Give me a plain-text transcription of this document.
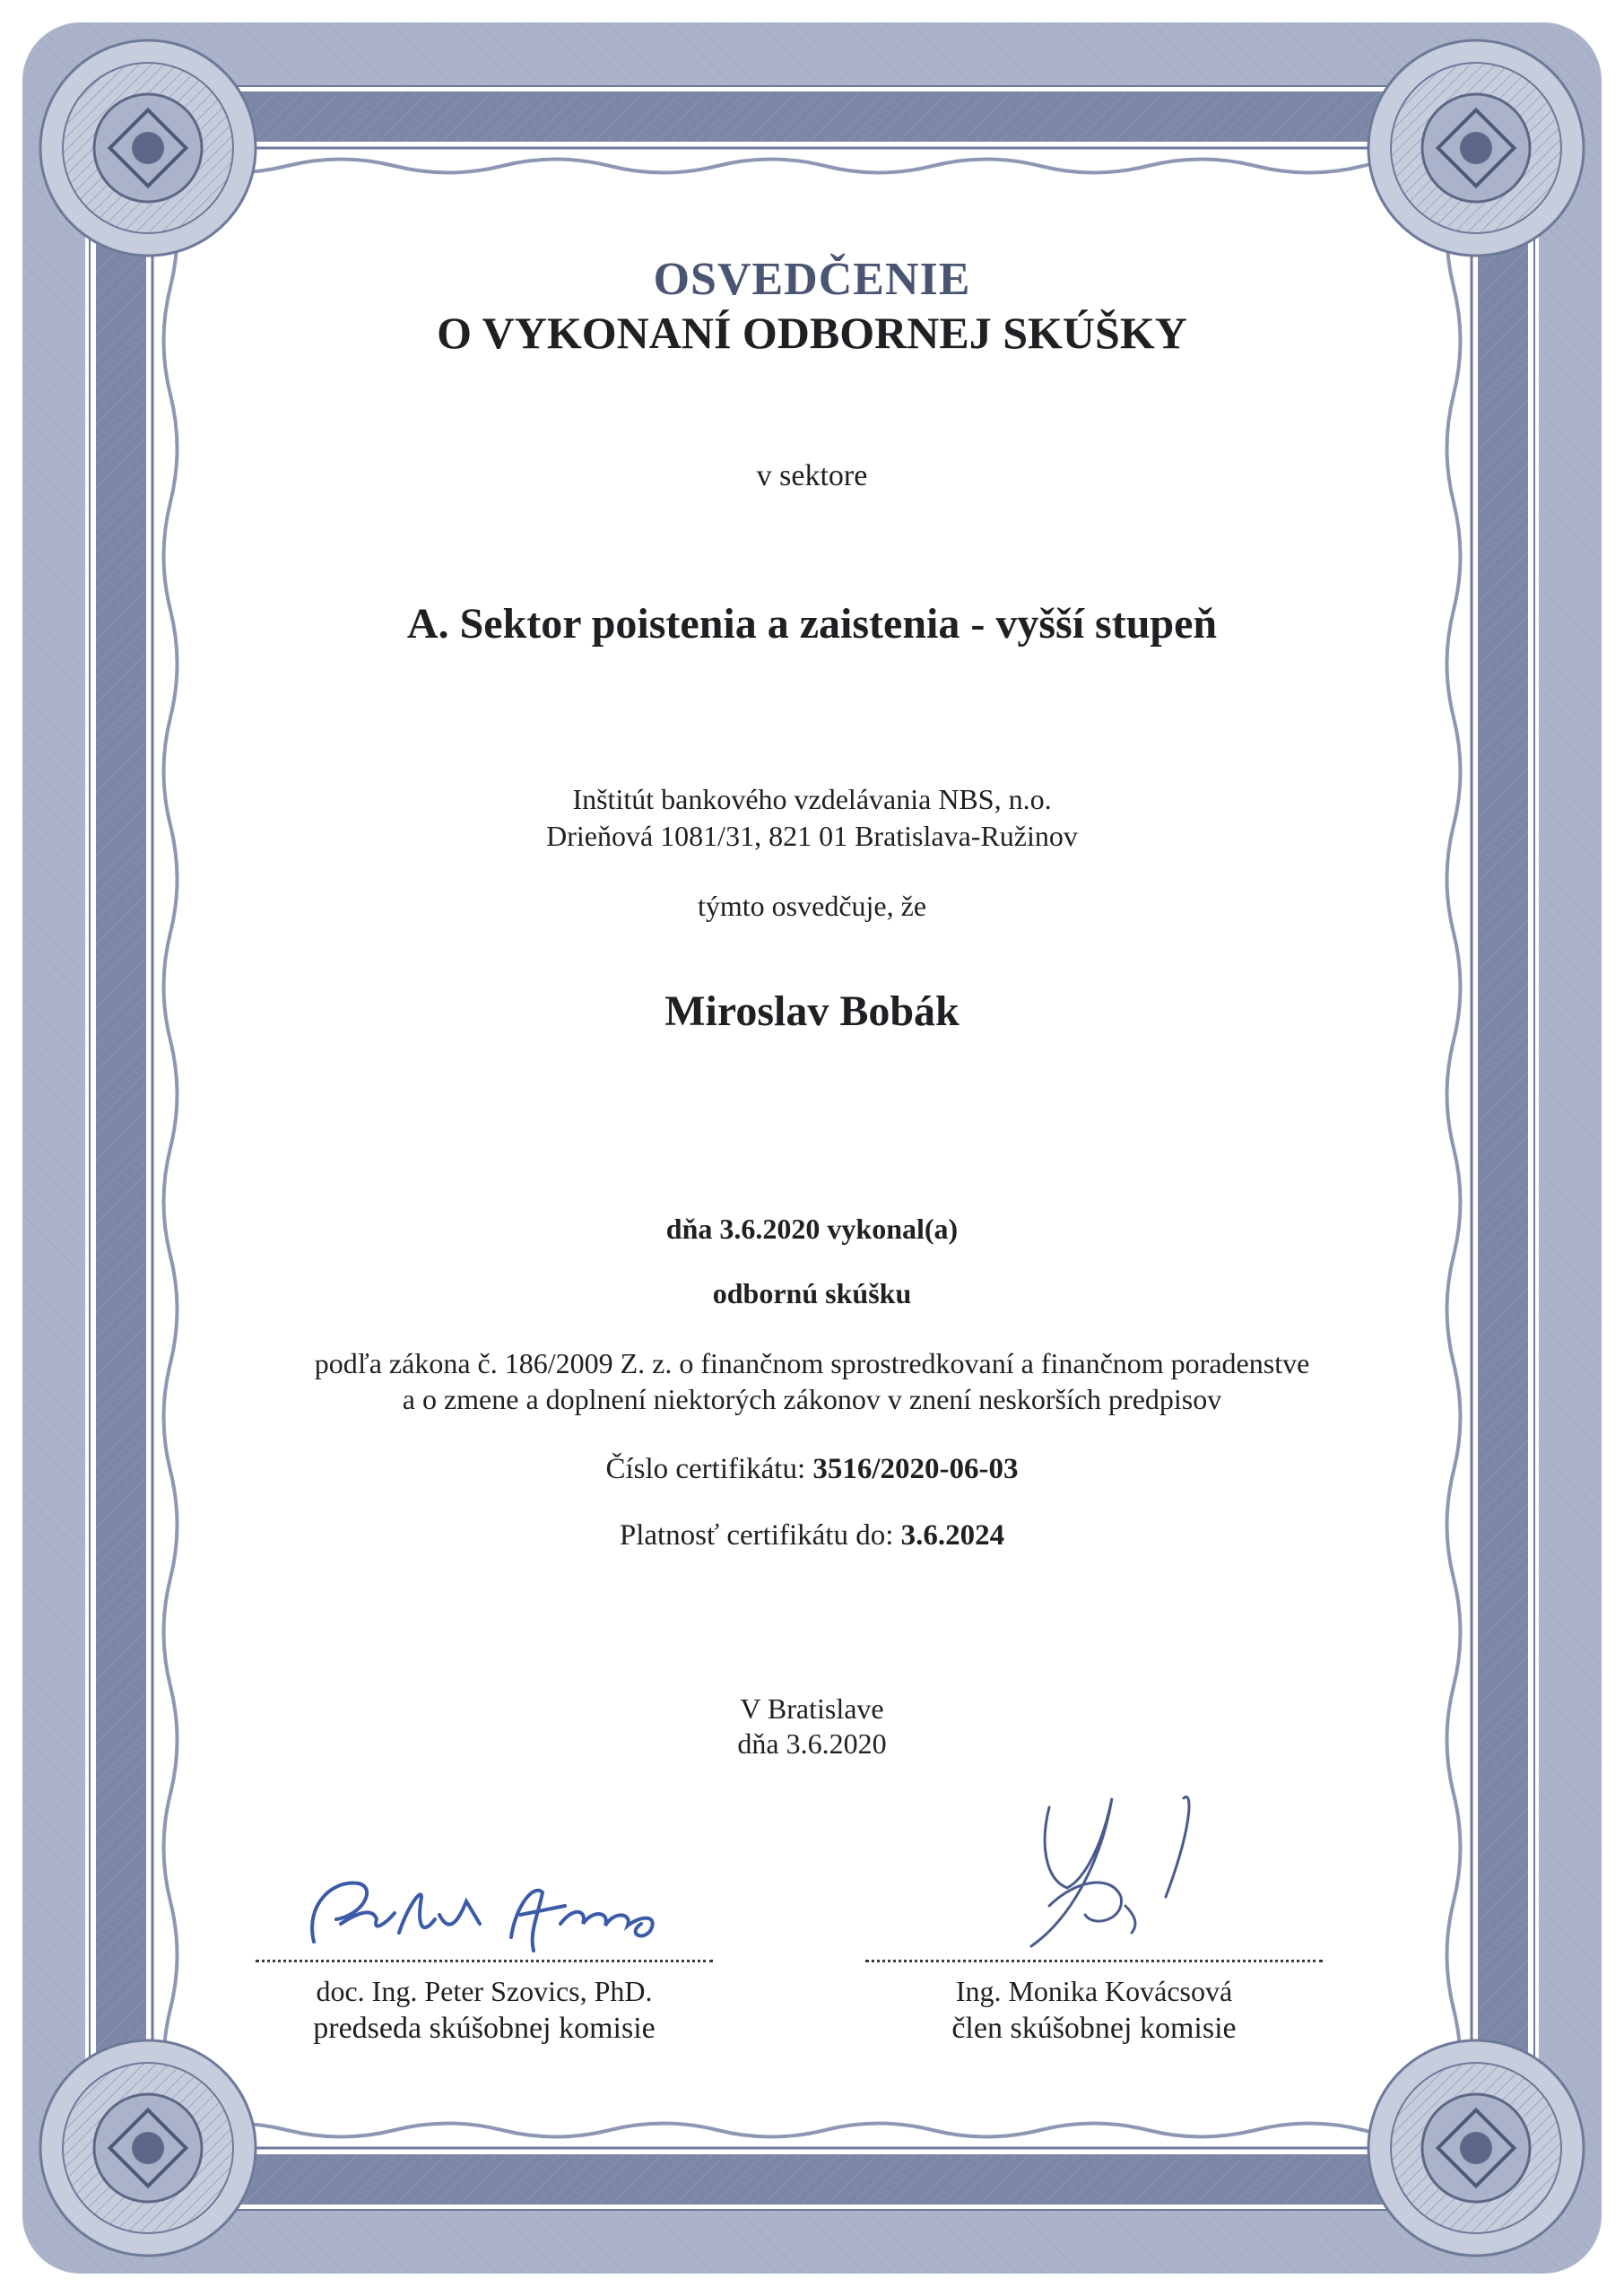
OSVEDČENIE
O VYKONANÍ ODBORNEJ SKÚŠKY
v sektore
A. Sektor poistenia a zaistenia - vyšší stupeň
Inštitút bankového vzdelávania NBS, n.o.
Drieňová 1081/31, 821 01 Bratislava-Ružinov
týmto osvedčuje, že
Miroslav Bobák
dňa 3.6.2020 vykonal(a)
odbornú skúšku
podľa zákona č. 186/2009 Z. z. o finančnom sprostredkovaní a finančnom poradenstve
a o zmene a doplnení niektorých zákonov v znení neskorších predpisov
Číslo certifikátu: 3516/2020-06-03
Platnosť certifikátu do: 3.6.2024
V Bratislave
dňa 3.6.2020
doc. Ing. Peter Szovics, PhD.
predseda skúšobnej komisie
Ing. Monika Kovácsová
člen skúšobnej komisie
